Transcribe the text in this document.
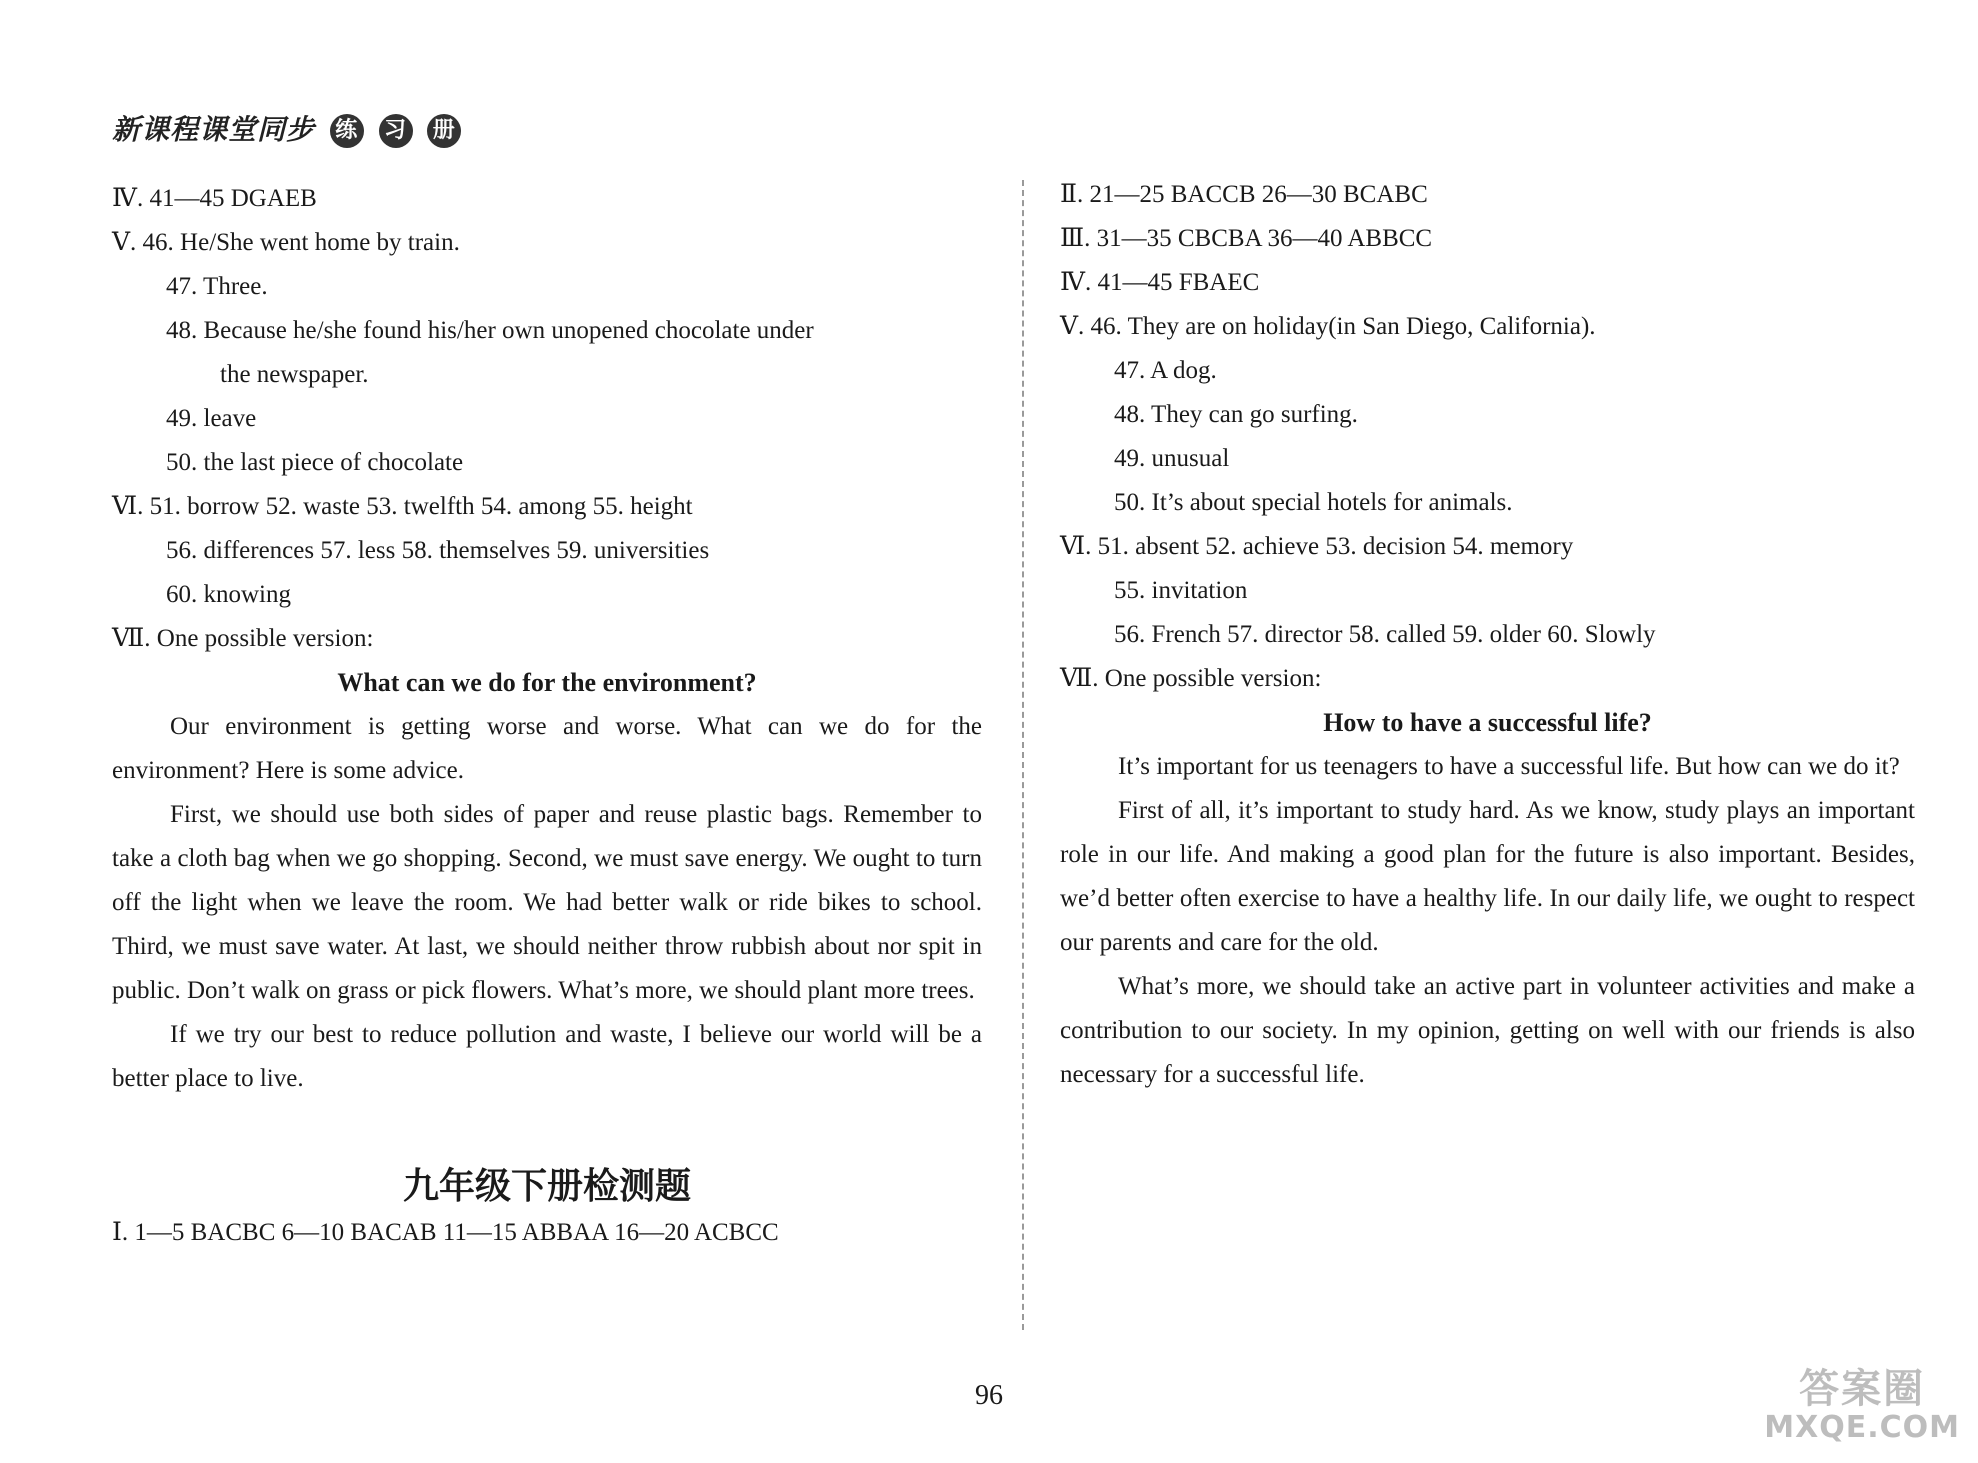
新课程课堂同步 练 习 册
Ⅳ. 41—45 DGAEB
Ⅴ. 46. He/She went home by train.
47. Three.
48. Because he/she found his/her own unopened chocolate under
the newspaper.
49. leave
50. the last piece of chocolate
Ⅵ. 51. borrow 52. waste 53. twelfth 54. among 55. height
56. differences 57. less 58. themselves 59. universities
60. knowing
Ⅶ. One possible version:
What can we do for the environment?

Our environment is getting worse and worse. What can we do for the environment? Here is some advice.

First, we should use both sides of paper and reuse plastic bags. Remember to take a cloth bag when we go shopping. Second, we must save energy. We ought to turn off the light when we leave the room. We had better walk or ride bikes to school. Third, we must save water. At last, we should neither throw rubbish about nor spit in public. Don’t walk on grass or pick flowers. What’s more, we should plant more trees.

If we try our best to reduce pollution and waste, I believe our world will be a better place to live.

九年级下册检测题
Ⅰ. 1—5 BACBC 6—10 BACAB 11—15 ABBAA 16—20 ACBCC
Ⅱ. 21—25 BACCB 26—30 BCABC
Ⅲ. 31—35 CBCBA 36—40 ABBCC
Ⅳ. 41—45 FBAEC
Ⅴ. 46. They are on holiday(in San Diego, California).
47. A dog.
48. They can go surfing.
49. unusual
50. It’s about special hotels for animals.
Ⅵ. 51. absent 52. achieve 53. decision 54. memory
55. invitation
56. French 57. director 58. called 59. older 60. Slowly
Ⅶ. One possible version:
How to have a successful life?

It’s important for us teenagers to have a successful life. But how can we do it?

First of all, it’s important to study hard. As we know, study plays an important role in our life. And making a good plan for the future is also important. Besides, we’d better often exercise to have a healthy life. In our daily life, we ought to respect our parents and care for the old.

What’s more, we should take an active part in volunteer activities and make a contribution to our society. In my opinion, getting on well with our friends is also necessary for a successful life.

96	答案圈
MXQE.COM
